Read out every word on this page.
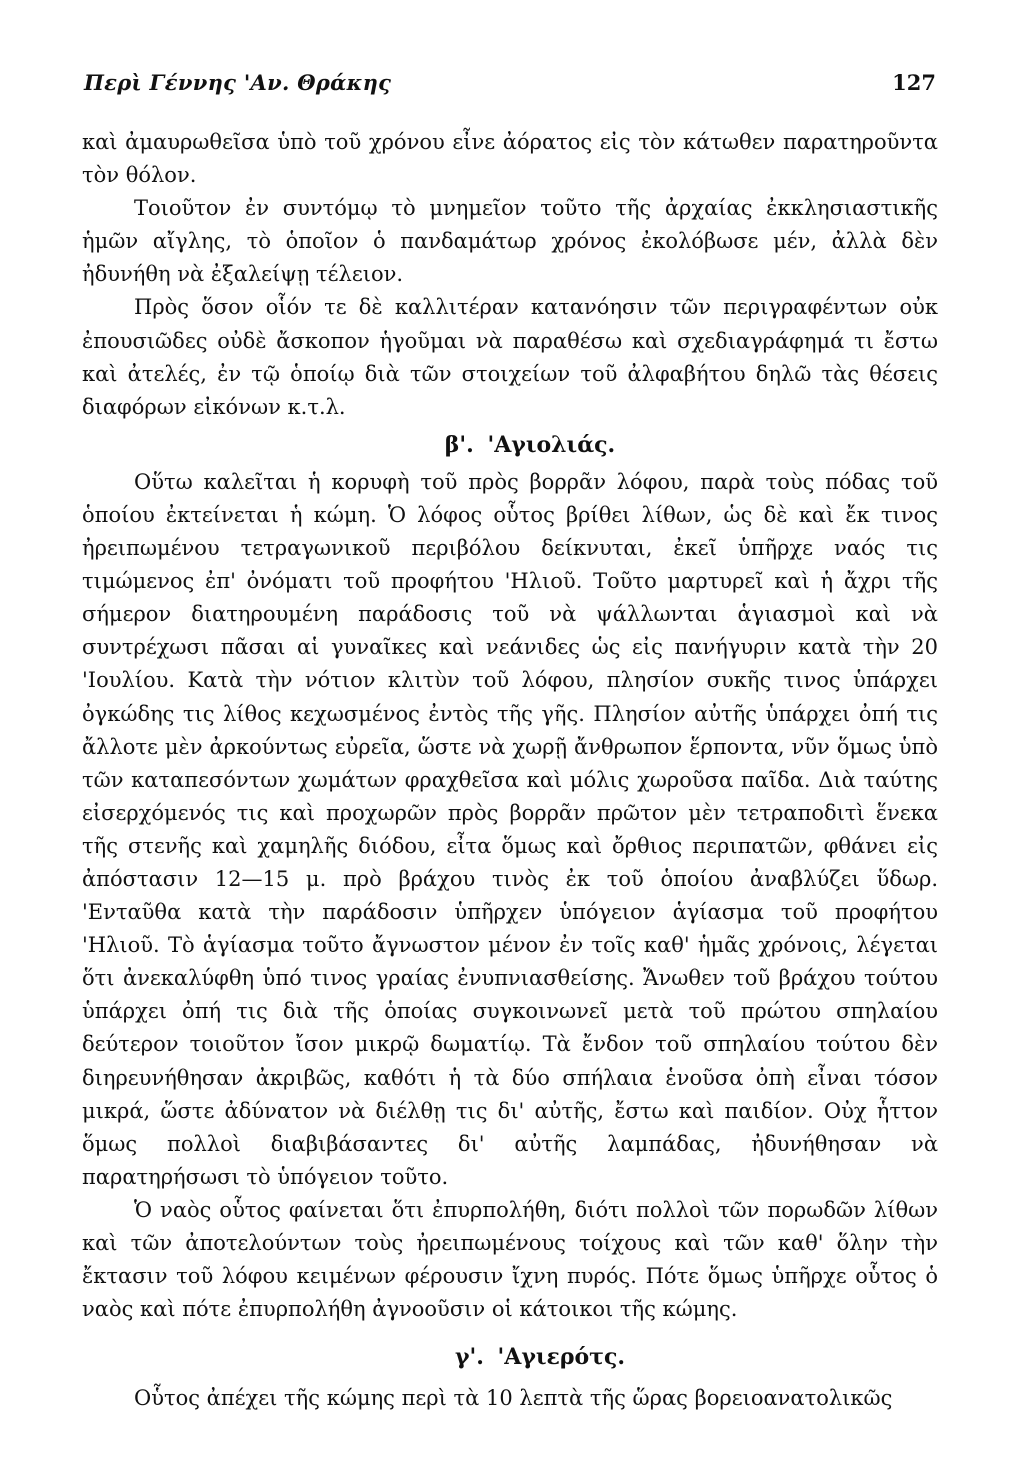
Περὶ Γέννης 'Αν. Θράκης	127

καὶ ἀμαυρωθεῖσα ὑπὸ τοῦ χρόνου εἶνε ἀόρατος εἰς τὸν κάτωθεν παρατηροῦντα τὸν θόλον.

Τοιοῦτον ἐν συντόμῳ τὸ μνημεῖον τοῦτο τῆς ἀρχαίας ἐκκλησιαστικῆς ἡμῶν αἴγλης, τὸ ὁποῖον ὁ πανδαμάτωρ χρόνος ἐκολόβωσε μέν, ἀλλὰ δὲν ἠδυνήθη νὰ ἐξαλείψῃ τέλειον.

Πρὸς ὅσον οἷόν τε δὲ καλλιτέραν κατανόησιν τῶν περιγραφέντων οὐκ ἐπουσιῶδες οὐδὲ ἄσκοπον ἡγοῦμαι νὰ παραθέσω καὶ σχεδιαγράφημά τι ἔστω καὶ ἀτελές, ἐν τῷ ὁποίῳ διὰ τῶν στοιχείων τοῦ ἀλφαβήτου δηλῶ τὰς θέσεις διαφόρων εἰκόνων κ.τ.λ.

β'. 'Αγιολιάς.

Οὕτω καλεῖται ἡ κορυφὴ τοῦ πρὸς βορρᾶν λόφου, παρὰ τοὺς πόδας τοῦ ὁποίου ἐκτείνεται ἡ κώμη. Ὁ λόφος οὗτος βρίθει λίθων, ὡς δὲ καὶ ἔκ τινος ἠρειπωμένου τετραγωνικοῦ περιβόλου δείκνυται, ἐκεῖ ὑπῆρχε ναός τις τιμώμενος ἐπ' ὀνόματι τοῦ προφήτου 'Ηλιοῦ. Τοῦτο μαρτυρεῖ καὶ ἡ ἄχρι τῆς σήμερον διατηρουμένη παράδοσις τοῦ νὰ ψάλλωνται ἁγιασμοὶ καὶ νὰ συντρέχωσι πᾶσαι αἱ γυναῖκες καὶ νεάνιδες ὡς εἰς πανήγυριν κατὰ τὴν 20 'Ιουλίου. Κατὰ τὴν νότιον κλιτὺν τοῦ λόφου, πλησίον συκῆς τινος ὑπάρχει ὀγκώδης τις λίθος κεχωσμένος ἐντὸς τῆς γῆς. Πλησίον αὐτῆς ὑπάρχει ὀπή τις ἄλλοτε μὲν ἀρκούντως εὐρεῖα, ὥστε νὰ χωρῇ ἄνθρωπον ἕρποντα, νῦν ὅμως ὑπὸ τῶν καταπεσόντων χωμάτων φραχθεῖσα καὶ μόλις χωροῦσα παῖδα. Διὰ ταύτης εἰσερχόμενός τις καὶ προχωρῶν πρὸς βορρᾶν πρῶτον μὲν τετραποδιτὶ ἕνεκα τῆς στενῆς καὶ χαμηλῆς διόδου, εἶτα ὅμως καὶ ὄρθιος περιπατῶν, φθάνει εἰς ἀπόστασιν 12—15 μ. πρὸ βράχου τινὸς ἐκ τοῦ ὁποίου ἀναβλύζει ὕδωρ. 'Ενταῦθα κατὰ τὴν παράδοσιν ὑπῆρχεν ὑπόγειον ἁγίασμα τοῦ προφήτου 'Ηλιοῦ. Τὸ ἁγίασμα τοῦτο ἄγνωστον μένον ἐν τοῖς καθ' ἡμᾶς χρόνοις, λέγεται ὅτι ἀνεκαλύφθη ὑπό τινος γραίας ἐνυπνιασθείσης. Ἄνωθεν τοῦ βράχου τούτου ὑπάρχει ὀπή τις διὰ τῆς ὁποίας συγκοινωνεῖ μετὰ τοῦ πρώτου σπηλαίου δεύτερον τοιοῦτον ἴσον μικρῷ δωματίῳ. Τὰ ἔνδον τοῦ σπηλαίου τούτου δὲν διηρευνήθησαν ἀκριβῶς, καθότι ἡ τὰ δύο σπήλαια ἑνοῦσα ὀπὴ εἶναι τόσον μικρά, ὥστε ἀδύνατον νὰ διέλθῃ τις δι' αὐτῆς, ἔστω καὶ παιδίον. Οὐχ ἧττον ὅμως πολλοὶ διαβιβάσαντες δι' αὐτῆς λαμπάδας, ἠδυνήθησαν νὰ παρατηρήσωσι τὸ ὑπόγειον τοῦτο.

Ὁ ναὸς οὗτος φαίνεται ὅτι ἐπυρπολήθη, διότι πολλοὶ τῶν πορωδῶν λίθων καὶ τῶν ἀποτελούντων τοὺς ἠρειπωμένους τοίχους καὶ τῶν καθ' ὅλην τὴν ἔκτασιν τοῦ λόφου κειμένων φέρουσιν ἴχνη πυρός. Πότε ὅμως ὑπῆρχε οὗτος ὁ ναὸς καὶ πότε ἐπυρπολήθη ἀγνοοῦσιν οἱ κάτοικοι τῆς κώμης.

γ'. 'Αγιερότς.

Οὗτος ἀπέχει τῆς κώμης περὶ τὰ 10 λεπτὰ τῆς ὥρας βορειοανατολικῶς
